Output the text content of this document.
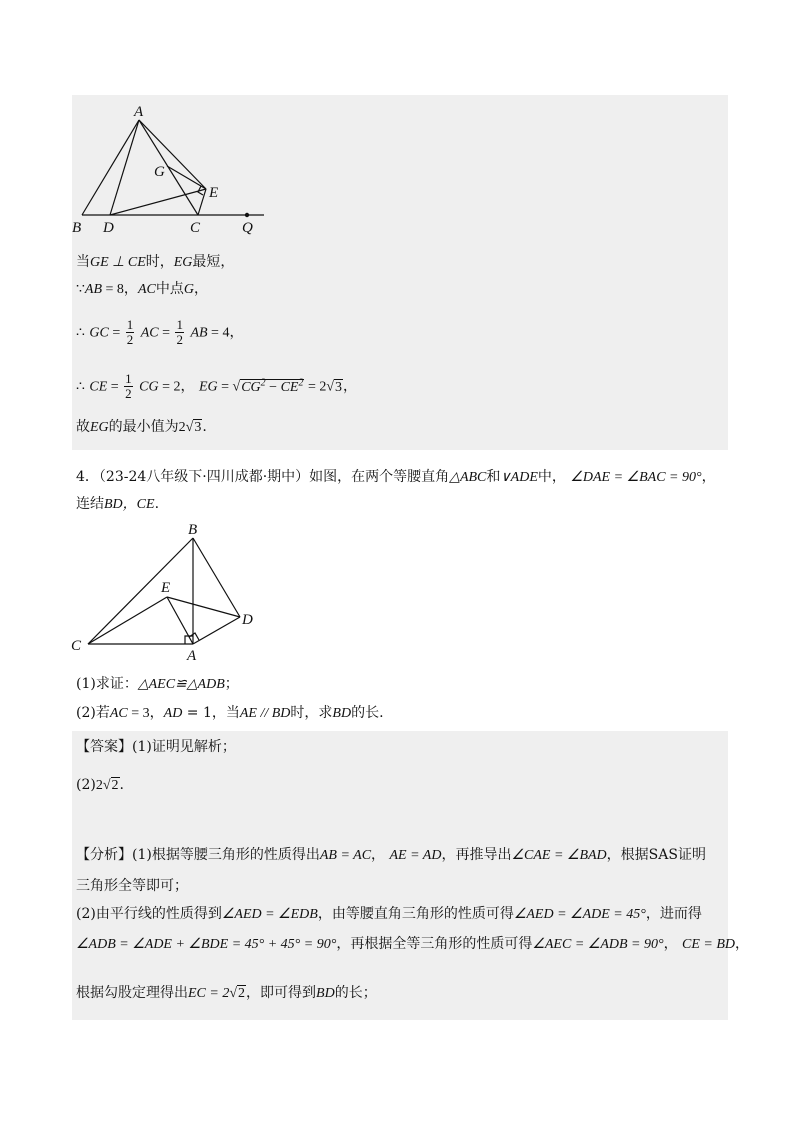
A
G
E
B D	C	Q
当GE ⊥ CE时，EG最短，
∵AB = 8，AC中点G，
∴ GC = $\frac{1}{2}$ AC = $\frac{1}{2}$ AB = 4，
∴ CE = $\frac{1}{2}$ CG = 2， EG = $√CG^2 - CE^2 = 2√3$，
故EG的最小值为2√3.
4．（23-24八年级下·四川成都·期中）如图，在两个等腰直角△ABC和∨ADE中， ∠DAE = ∠BAC = 90°，
连结BD，CE.
B
E
D
C
A
(1)求证：△AEC≌△ADB；
(2)若AC = 3，AD = 1，当AE // BD时，求BD的长.
【答案】(1)证明见解析；
(2)2√2.
【分析】(1)根据等腰三角形的性质得出AB = AC， AE = AD，再推导出∠CAE = ∠BAD，根据SAS证明
三角形全等即可；
(2)由平行线的性质得到∠AED = ∠EDB，由等腰直角三角形的性质可得∠AED = ∠ADE = 45°，进而得
∠ADB = ∠ADE + ∠BDE = 45° + 45° = 90°，再根据全等三角形的性质可得∠AEC = ∠ADB = 90°， CE = BD，
根据勾股定理得出EC = 2√2，即可得到BD的长；
